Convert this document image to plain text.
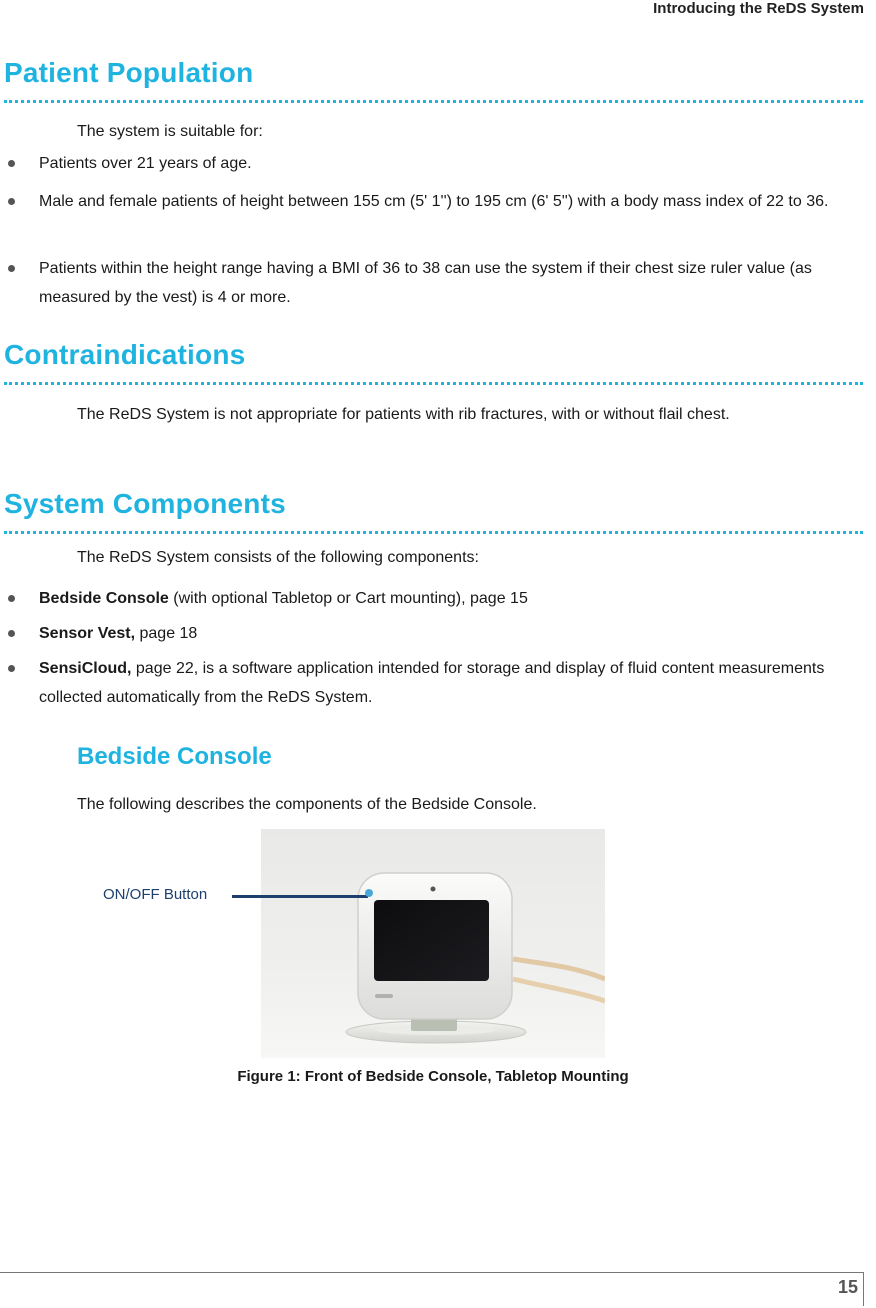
Introducing the ReDS System
Patient Population

The system is suitable for:

Patients over 21 years of age.
Male and female patients of height between 155 cm (5' 1'') to 195 cm (6' 5'') with a body mass index of 22 to 36.
Patients within the height range having a BMI of 36 to 38 can use the system if their chest size ruler value (as measured by the vest) is 4 or more.
Contraindications

The ReDS System is not appropriate for patients with rib fractures, with or without flail chest.

System Components

The ReDS System consists of the following components:

Bedside Console (with optional Tabletop or Cart mounting), page 15
Sensor Vest, page 18
SensiCloud, page 22, is a software application intended for storage and display of fluid content measurements collected automatically from the ReDS System.
Bedside Console

The following describes the components of the Bedside Console.

ON/OFF Button
Figure 1: Front of Bedside Console, Tabletop Mounting
15
